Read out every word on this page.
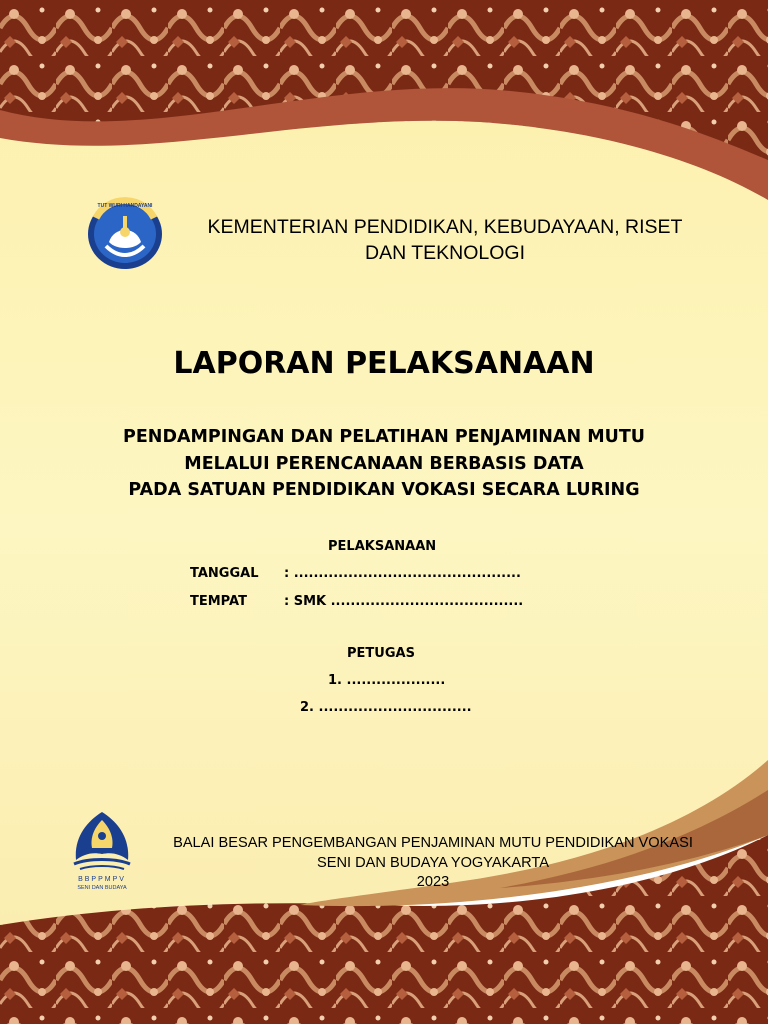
KEMENTERIAN PENDIDIKAN, KEBUDAYAAN, RISET
DAN TEKNOLOGI
LAPORAN PELAKSANAAN
PENDAMPINGAN DAN PELATIHAN PENJAMINAN MUTU
MELALUI PERENCANAAN BERBASIS DATA
PADA SATUAN PENDIDIKAN VOKASI SECARA LURING
PELAKSANAAN
TANGGAL : ..............................................
TEMPAT	: SMK .......................................
PETUGAS
1. ....................
2. ...............................
BBPPMPV
SENI DAN BUDAYA
BALAI BESAR PENGEMBANGAN PENJAMINAN MUTU PENDIDIKAN VOKASI
SENI DAN BUDAYA YOGYAKARTA
2023
TUT WURI HANDAYANI
